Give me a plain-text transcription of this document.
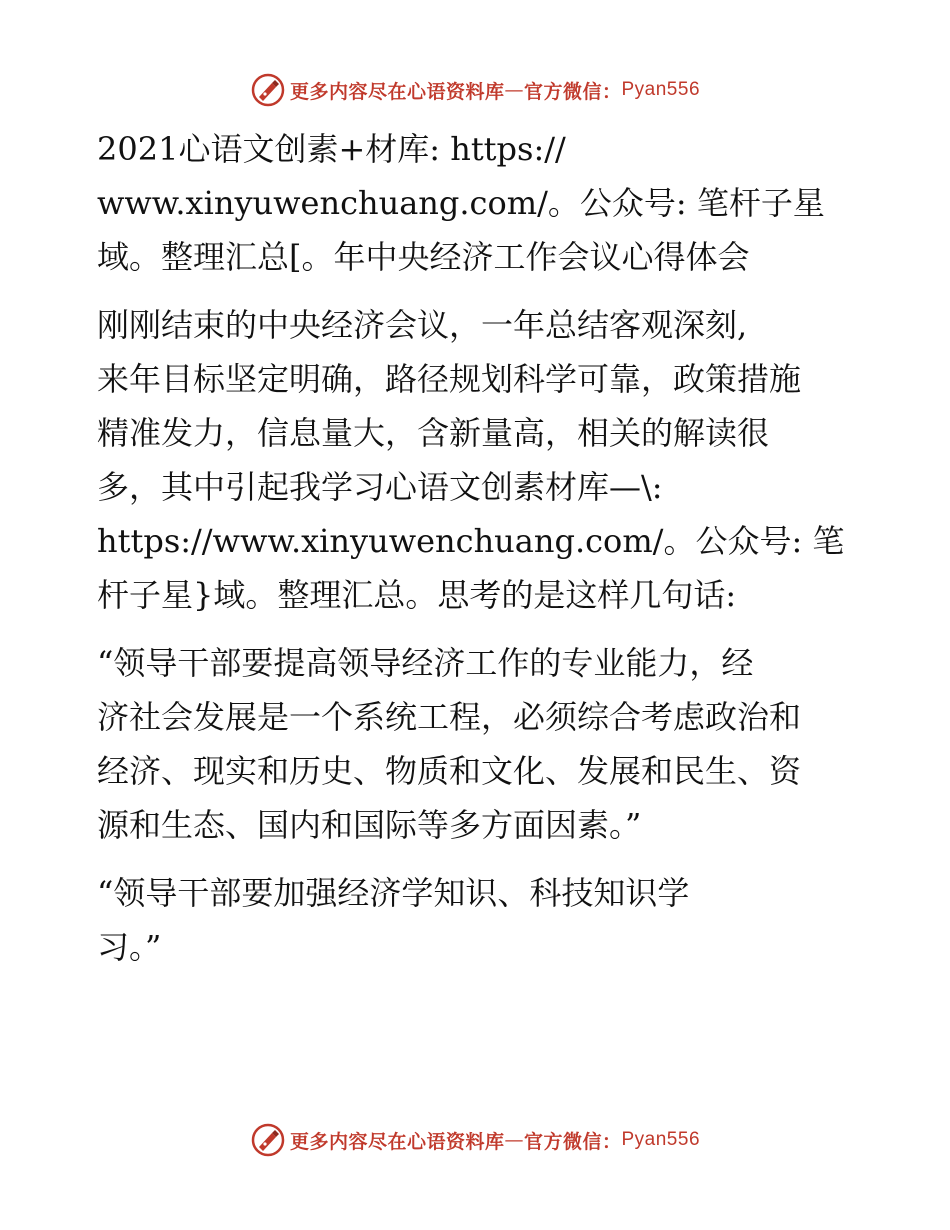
更多内容尽在心语资料库 — 官方微信： Pyan556

2021心语文创素+材库: https://
www.xinyuwenchuang.com/。公众号: 笔杆子星
域。整理汇总[。年中央经济工作会议心得体会

刚刚结束的中央经济会议，一年总结客观深刻,
来年目标坚定明确，路径规划科学可靠，政策措施
精准发力，信息量大，含新量高，相关的解读很
多，其中引起我学习心语文创素材库—\:
https://www.xinyuwenchuang.com/。公众号: 笔
杆子星}域。整理汇总。思考的是这样几句话:

“领导干部要提高领导经济工作的专业能力，经
济社会发展是一个系统工程，必须综合考虑政治和
经济、现实和历史、物质和文化、发展和民生、资
源和生态、国内和国际等多方面因素。”

“领导干部要加强经济学知识、科技知识学
习。”

更多内容尽在心语资料库 — 官方微信： Pyan556
